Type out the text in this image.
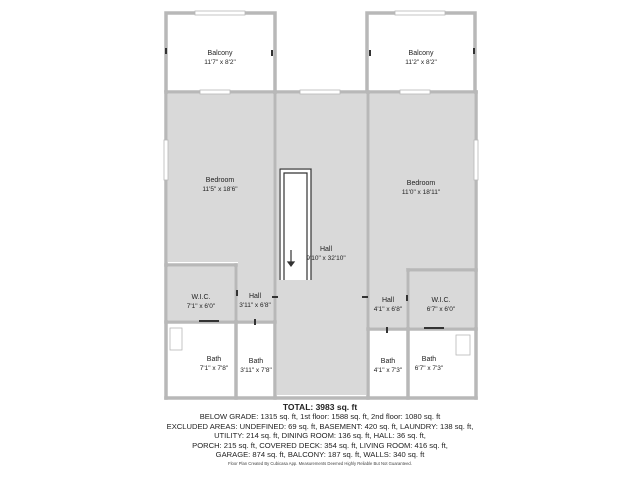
Balcony
11'7" x 8'2"
Balcony
11'2" x 8'2"
Bedroom
11'5" x 18'6"
Bedroom
11'0" x 18'11"
Hall
9'10" x 32'10"
W.I.C.
7'1" x 6'0"
Hall
3'11" x 6'8"
Hall
4'1" x 6'8"
W.I.C.
6'7" x 6'0"
Bath
7'1" x 7'8"
Bath
3'11" x 7'8"
Bath
4'1" x 7'3"
Bath
6'7" x 7'3"
TOTAL: 3983 sq. ft
BELOW GRADE: 1315 sq. ft, 1st floor: 1588 sq. ft, 2nd floor: 1080 sq. ft
EXCLUDED AREAS: UNDEFINED: 69 sq. ft, BASEMENT: 420 sq. ft, LAUNDRY: 138 sq. ft,
UTILITY: 214 sq. ft, DINING ROOM: 136 sq. ft, HALL: 36 sq. ft,
PORCH: 215 sq. ft, COVERED DECK: 354 sq. ft, LIVING ROOM: 416 sq. ft,
GARAGE: 874 sq. ft, BALCONY: 187 sq. ft, WALLS: 340 sq. ft
Floor Plan Created By Cubicasa App. Measurements Deemed Highly Reliable But Not Guaranteed.
